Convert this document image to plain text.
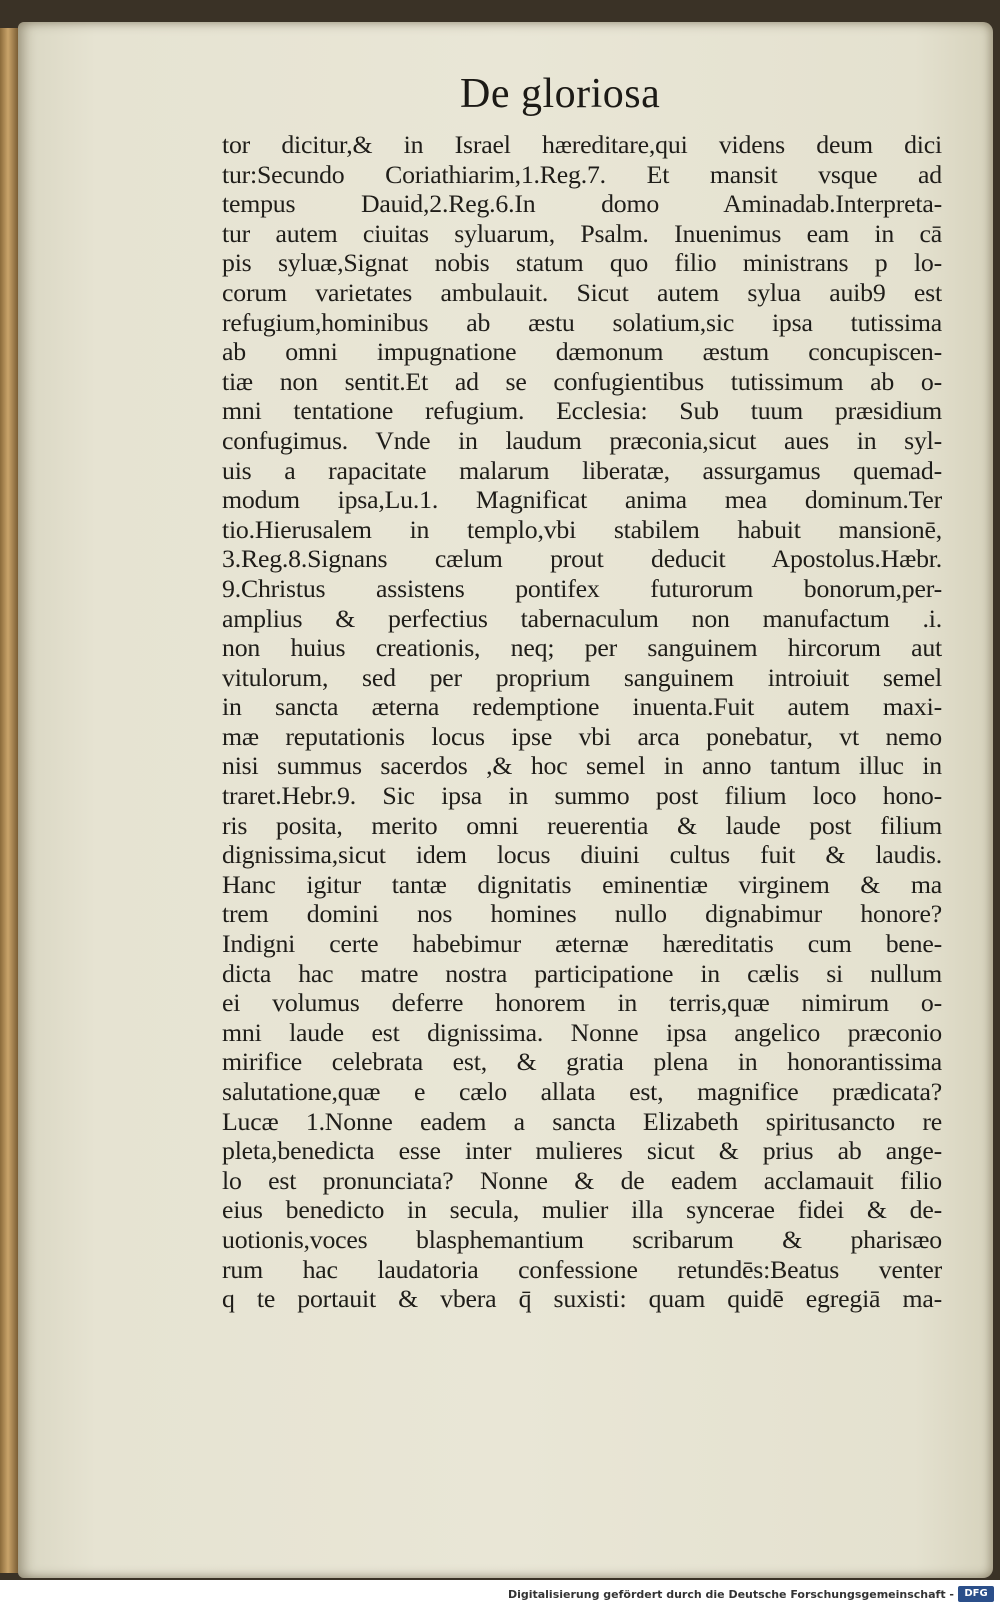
De gloriosa
tor dicitur,& in Israel hæreditare,qui videns deum dici
tur:Secundo Coriathiarim,1.Reg.7. Et mansit vsque ad
tempus Dauid,2.Reg.6.In domo Aminadab.Interpreta-
tur autem ciuitas syluarum, Psalm. Inuenimus eam in cā
pis syluæ,Signat nobis statum quo filio ministrans p lo-
corum varietates ambulauit. Sicut autem sylua auib9 est
refugium,hominibus ab æstu solatium,sic ipsa tutissima
ab omni impugnatione dæmonum æstum concupiscen-
tiæ non sentit.Et ad se confugientibus tutissimum ab o-
mni tentatione refugium. Ecclesia: Sub tuum præsidium
confugimus. Vnde in laudum præconia,sicut aues in syl-
uis a rapacitate malarum liberatæ, assurgamus quemad-
modum ipsa,Lu.1. Magnificat anima mea dominum.Ter
tio.Hierusalem in templo,vbi stabilem habuit mansionē,
3.Reg.8.Signans cælum prout deducit Apostolus.Hæbr.
9.Christus assistens pontifex futurorum bonorum,per-
amplius & perfectius tabernaculum non manufactum .i.
non huius creationis, neq; per sanguinem hircorum aut
vitulorum, sed per proprium sanguinem introiuit semel
in sancta æterna redemptione inuenta.Fuit autem maxi-
mæ reputationis locus ipse vbi arca ponebatur, vt nemo
nisi summus sacerdos ,& hoc semel in anno tantum illuc in
traret.Hebr.9. Sic ipsa in summo post filium loco hono-
ris posita, merito omni reuerentia & laude post filium
dignissima,sicut idem locus diuini cultus fuit & laudis.
Hanc igitur tantæ dignitatis eminentiæ virginem & ma
trem domini nos homines nullo dignabimur honore?
Indigni certe habebimur æternæ hæreditatis cum bene-
dicta hac matre nostra participatione in cælis si nullum
ei volumus deferre honorem in terris,quæ nimirum o-
mni laude est dignissima. Nonne ipsa angelico præconio
mirifice celebrata est, & gratia plena in honorantissima
salutatione,quæ e cælo allata est, magnifice prædicata?
Lucæ 1.Nonne eadem a sancta Elizabeth spiritusancto re
pleta,benedicta esse inter mulieres sicut & prius ab ange-
lo est pronunciata? Nonne & de eadem acclamauit filio
eius benedicto in secula, mulier illa syncerae fidei & de-
uotionis,voces blasphemantium scribarum & pharisæo
rum hac laudatoria confessione retundēs:Beatus venter
q te portauit & vbera q̄ suxisti: quam quidē egregiā ma-
Digitalisierung gefördert durch die Deutsche Forschungsgemeinschaft -	DFG
